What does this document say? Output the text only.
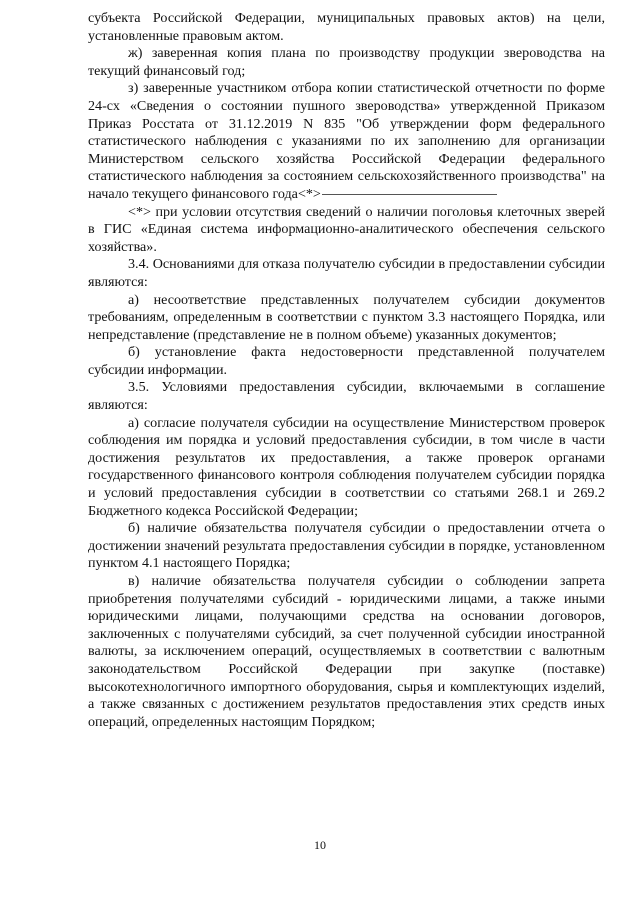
субъекта Российской Федерации, муниципальных правовых актов) на цели, установленные правовым актом.

ж) заверенная копия плана по производству продукции звероводства на текущий финансовый год;

з) заверенные участником отбора копии статистической отчетности по форме 24-сх «Сведения о состоянии пушного звероводства» утвержденной Приказом Приказ Росстата от 31.12.2019 N 835 "Об утверждении форм федерального статистического наблюдения с указаниями по их заполнению для организации Министерством сельского хозяйства Российской Федерации федерального статистического наблюдения за состоянием сельскохозяйственного производства" на начало текущего финансового года<*>

<*> при условии отсутствия сведений о наличии поголовья клеточных зверей в ГИС «Единая система информационно-аналитического обеспечения сельского хозяйства».

3.4. Основаниями для отказа получателю субсидии в предоставлении субсидии являются:

а) несоответствие представленных получателем субсидии документов требованиям, определенным в соответствии с пунктом 3.3 настоящего Порядка, или непредставление (представление не в полном объеме) указанных документов;

б) установление факта недостоверности представленной получателем субсидии информации.

3.5. Условиями предоставления субсидии, включаемыми в соглашение являются:

а) согласие получателя субсидии на осуществление Министерством проверок соблюдения им порядка и условий предоставления субсидии, в том числе в части достижения результатов их предоставления, а также проверок органами государственного финансового контроля соблюдения получателем субсидии порядка и условий предоставления субсидии в соответствии со статьями 268.1 и 269.2 Бюджетного кодекса Российской Федерации;

б) наличие обязательства получателя субсидии о предоставлении отчета о достижении значений результата предоставления субсидии в порядке, установленном пунктом 4.1 настоящего Порядка;

в) наличие обязательства получателя субсидии о соблюдении запрета приобретения получателями субсидий - юридическими лицами, а также иными юридическими лицами, получающими средства на основании договоров, заключенных с получателями субсидий, за счет полученной субсидии иностранной валюты, за исключением операций, осуществляемых в соответствии с валютным законодательством Российской Федерации при закупке (поставке) высокотехнологичного импортного оборудования, сырья и комплектующих изделий, а также связанных с достижением результатов предоставления этих средств иных операций, определенных настоящим Порядком;

10
